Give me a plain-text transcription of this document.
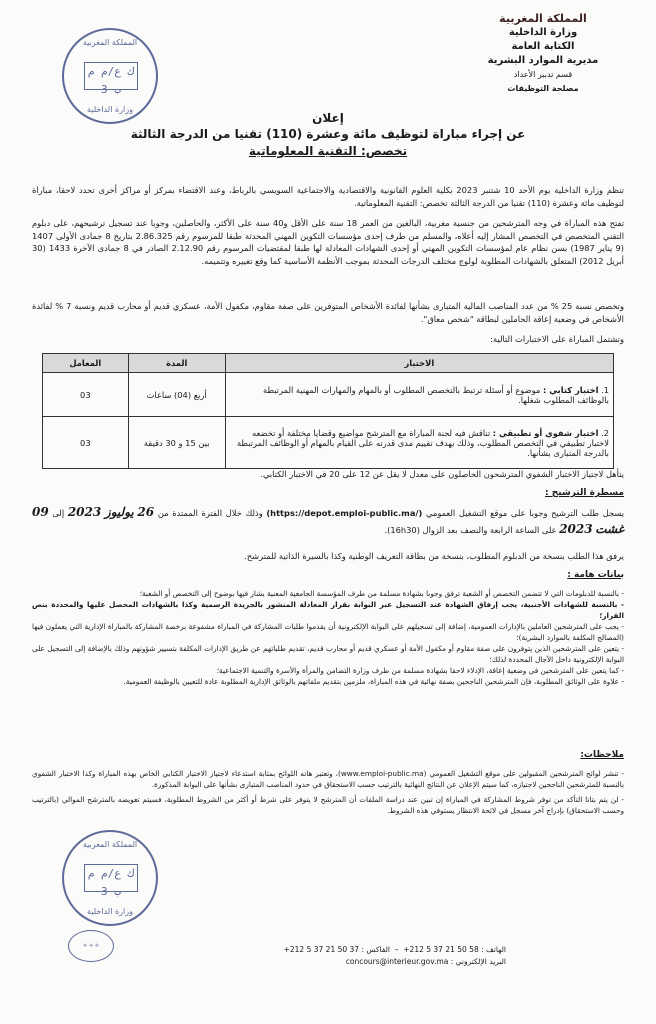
المملكة المغربية
وزارة الداخلية
الكتابة العامة
مديرية الموارد البشرية
قسم تدبير الأعداد
مصلحة التوظيفات
المملكة المغربية
ك ع/م م ب 3
وزارة الداخلية
إعلان
عن إجراء مباراة لتوظيف مائة وعشرة (110) تقنيا من الدرجة الثالثة
تخصص: التقنية المعلوماتية
تنظم وزارة الداخلية يوم الأحد 10 شتنبر 2023 بكلية العلوم القانونية والاقتصادية والاجتماعية السويسي بالرباط، وعند الاقتضاء بمركز أو مراكز أخرى تحدد لاحقا، مباراة لتوظيف مائة وعشرة (110) تقنيا من الدرجة الثالثة تخصص: التقنية المعلوماتية.
تفتح هذه المباراة في وجه المترشحين من جنسية مغربية، البالغين من العمر 18 سنة على الأقل و40 سنة على الأكثر، والحاصلين، وجوبا عند تسجيل ترشيحهم، على دبلوم التقني المتخصص في التخصص المشار إليه أعلاه، والمسلم من طرف إحدى مؤسسات التكوين المهني المحدثة طبقا للمرسوم رقم 2.86.325 بتاريخ 8 جمادى الأولى 1407 (9 يناير 1987) بسن نظام عام لمؤسسات التكوين المهني أو إحدى الشهادات المعادلة لها طبقا لمقتضيات المرسوم رقم 2.12.90 الصادر في 8 جمادى الآخرة 1433 (30 أبريل 2012) المتعلق بالشهادات المطلوبة لولوج مختلف الدرجات المحدثة بموجب الأنظمة الأساسية كما وقع تغييره وتتميمه.
وتخصص نسبة 25 % من عدد المناصب المالية المتبارى بشأنها لفائدة الأشخاص المتوفرين على صفة مقاوم، مكفول الأمة، عسكري قديم أو محارب قديم ونسبة 7 % لفائدة الأشخاص في وضعية إعاقة الحاملين لبطاقة "شخص معاق".
وتشتمل المباراة على الاختبارات التالية:
الاختبار	المدة	المعامل
1. اختبار كتابي : موضوع أو أسئلة ترتبط بالتخصص المطلوب أو بالمهام والمهارات المهنية المرتبطة بالوظائف المطلوب شغلها.	أربع (04) ساعات	03
2. اختبار شفوي أو تطبيقي : تناقش فيه لجنة المباراة مع المترشح مواضيع وقضايا مختلفة أو تخضعه لاختبار تطبيقي في التخصص المطلوب، وذلك بهدف تقييم مدى قدرته على القيام بالمهام أو الوظائف المرتبطة بالدرجة المتبارى بشأنها.	بين 15 و 30 دقيقة	03
يتأهل لاجتياز الاختبار الشفوي المترشحون الحاصلون على معدل لا يقل عن 12 على 20 في الاختبار الكتابي.
مسطرة الترشيح :
يسجل طلب الترشيح وجوبا على موقع التشغيل العمومي (https://depot.emploi-public.ma/) وذلك خلال الفترة الممتدة من 26 يوليوز 2023 إلى 09 غشت 2023 على الساعة الرابعة والنصف بعد الزوال (16h30).
يرفق هذا الطلب بنسخة من الدبلوم المطلوب، بنسخة من بطاقة التعريف الوطنية وكذا بالسيرة الذاتية للمترشح.
بيانات هامة :
- بالنسبة للدبلومات التي لا تتضمن التخصص أو الشعبة ترفق وجوبا بشهادة مسلمة من طرف المؤسسة الجامعية المعنية يشار فيها بوضوح إلى التخصص أو الشعبة؛
- بالنسبة للشهادات الأجنبية، يجب إرفاق الشهادة عند التسجيل عبر البوابة بقرار المعادلة المنشور بالجريدة الرسمية وكذا بالشهادات المحصل عليها والمحددة بنص القرار؛
- يجب على المترشحين العاملين بالإدارات العمومية، إضافة إلى تسجيلهم على البوابة الإلكترونية أن يقدموا طلبات المشاركة في المباراة مشفوعة برخصة المشاركة بالمباراة الإدارية التي يعملون فيها (المصالح المكلفة بالموارد البشرية)؛
- يتعين على المترشحين الذين يتوفرون على صفة مقاوم أو مكفول الأمة أو عسكري قديم أو محارب قديم، تقديم طلباتهم عن طريق الإدارات المكلفة بتسيير شؤونهم وذلك بالإضافة إلى التسجيل على البوابة الإلكترونية داخل الآجال المحددة لذلك؛
- كما يتعين على المترشحين في وضعية إعاقة، الإدلاء لاحقا بشهادة مسلمة من طرف وزارة التضامن والمرأة والأسرة والتنمية الاجتماعية؛
- علاوة على الوثائق المطلوبة، فإن المترشحين الناجحين بصفة نهائية في هذه المباراة، ملزمين بتقديم ملفاتهم بالوثائق الإدارية المطلوبة عادة للتعيين بالوظيفة العمومية.
ملاحظات:
- تنشر لوائح المترشحين المقبولين على موقع التشغيل العمومي (www.emploi-public.ma)، وتعتبر هاته اللوائح بمثابة استدعاء لاجتياز الاختبار الكتابي الخاص بهذه المباراة وكذا الاختبار الشفوي بالنسبة للمترشحين الناجحين لاجتيازه، كما سيتم الإعلان عن النتائج النهائية بالترتيب حسب الاستحقاق في حدود المناصب المتبارى بشأنها على البوابة المذكورة.
- لن يتم بتاتا التأكد من توفر شروط المشاركة في المباراة إن تبين عند دراسة الملفات أن المترشح لا يتوفر على شرط أو أكثر من الشروط المطلوبة، فسيتم تعويضه بالمترشح الموالي (بالترتيب وحسب الاستحقاق) بإدراج آخر مسجل في لائحة الانتظار يستوفي هذه الشروط.
المملكة المغربية
ك ع/م م ب 3
وزارة الداخلية
⟡ ⟡ ⟡	الهاتف : +212 5 37 21 50 58  –  الفاكس : +212 5 37 21 50 37
البريد الإلكتروني : concours@interieur.gov.ma
